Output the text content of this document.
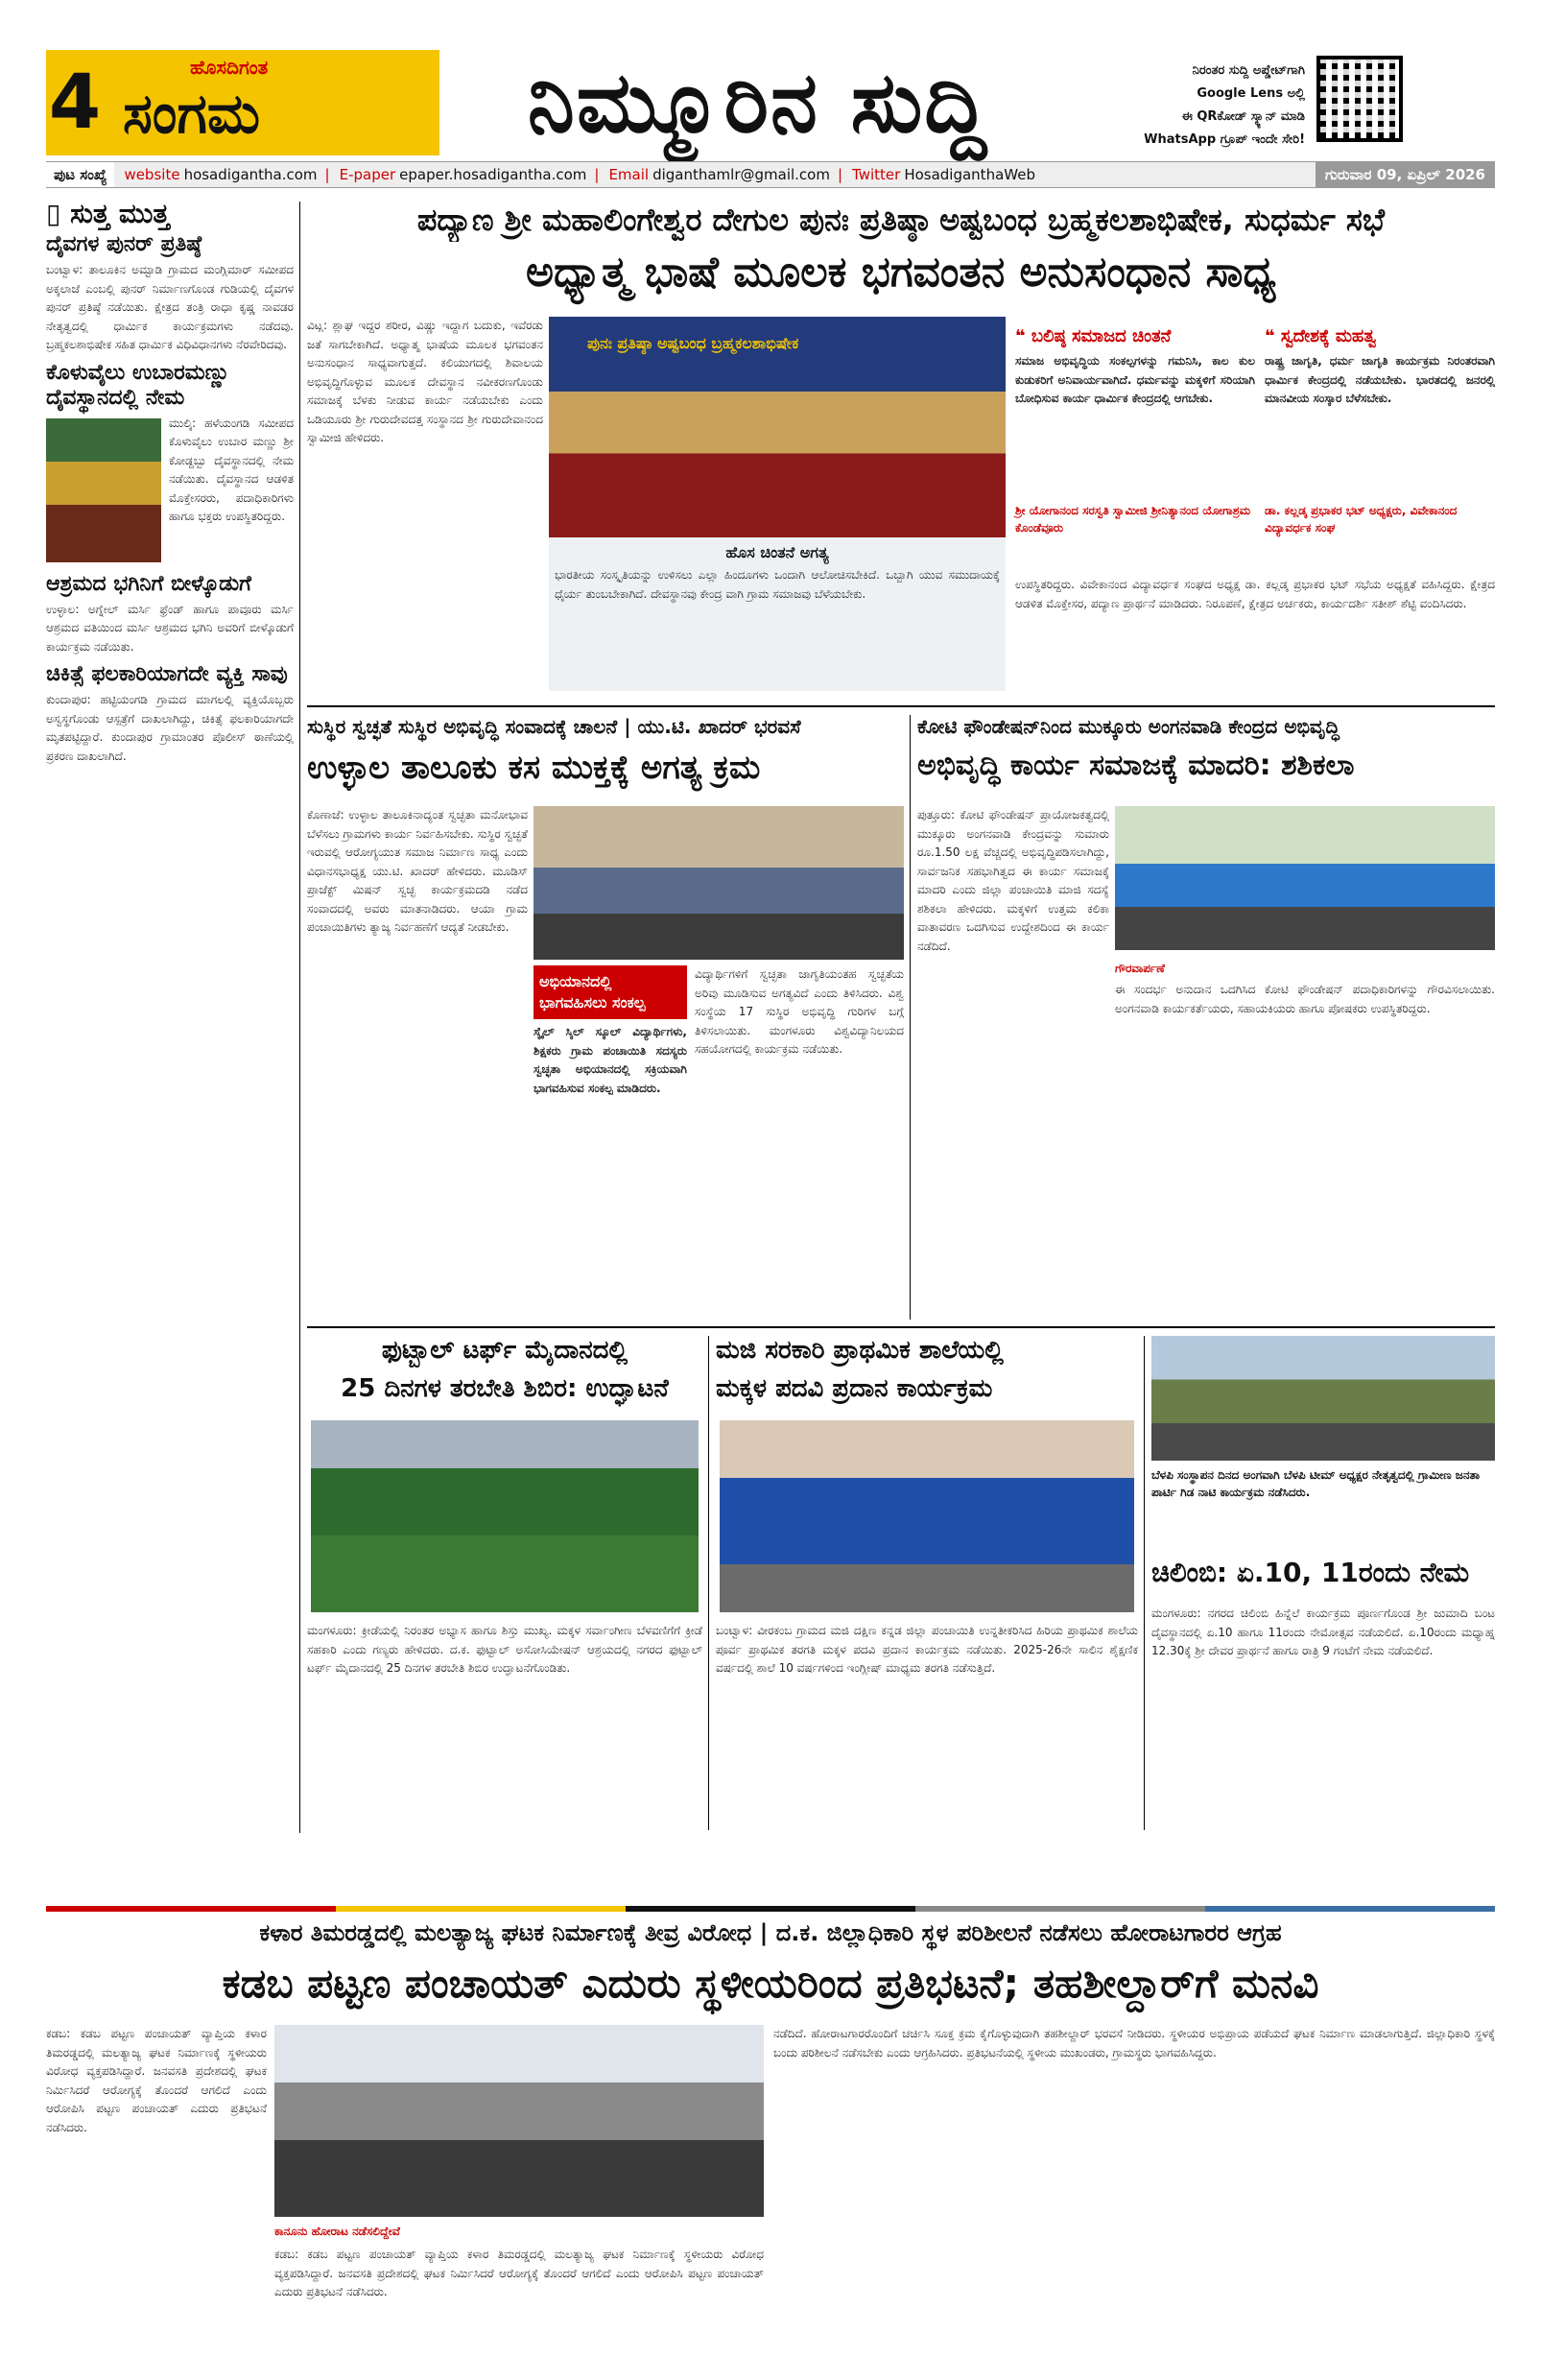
4	ಹೊಸದಿಗಂತ
ಸಂಗಮ	ನಿಮ್ಮೂರಿನ ಸುದ್ದಿ	ನಿರಂತರ ಸುದ್ದಿ ಅಪ್ಡೇಟ್‌ಗಾಗಿ
Google Lens ಅಲ್ಲಿ
ಈ QRಕೋಡ್ ಸ್ಕ್ಯಾನ್ ಮಾಡಿ
WhatsApp ಗ್ರೂಪ್ ಇಂದೇ ಸೇರಿ!
ಪುಟ ಸಂಖ್ಯೆ	website hosadigantha.com | E-paper epaper.hosadigantha.com | Email diganthamlr@gmail.com | Twitter HosadiganthaWeb	ಗುರುವಾರ 09, ಏಪ್ರಿಲ್ 2026
▯ ಸುತ್ತ ಮುತ್ತ
ದೈವಗಳ ಪುನರ್ ಪ್ರತಿಷ್ಠೆ
ಬಂಟ್ವಾಳ: ತಾಲೂಕಿನ ಅಮ್ಟಾಡಿ ಗ್ರಾಮದ ಮಂಗ್ಲಿಮಾರ್ ಸಮೀಪದ ಅಕ್ಕಲಾಜೆ ಎಂಬಲ್ಲಿ ಪುನರ್ ನಿರ್ಮಾಣಗೊಂಡ ಗುಡಿಯಲ್ಲಿ ದೈವಗಳ ಪುನರ್ ಪ್ರತಿಷ್ಠೆ ನಡೆಯಿತು. ಕ್ಷೇತ್ರದ ತಂತ್ರಿ ರಾಧಾ ಕೃಷ್ಣ ನಾವಡರ ನೇತೃತ್ವದಲ್ಲಿ ಧಾರ್ಮಿಕ ಕಾರ್ಯಕ್ರಮಗಳು ನಡೆದವು. ಬ್ರಹ್ಮಕಲಶಾಭಿಷೇಕ ಸಹಿತ ಧಾರ್ಮಿಕ ವಿಧಿವಿಧಾನಗಳು ನೆರವೇರಿದವು.
ಕೊಳುವೈಲು ಉಬಾರಮಣ್ಣು ದೈವಸ್ಥಾನದಲ್ಲಿ ನೇಮ
ಮುಲ್ಕಿ: ಹಳೆಯಂಗಡಿ ಸಮೀಪದ ಕೊಳುವೈಲು ಉಬಾರ ಮಣ್ಣು ಶ್ರೀ ಕೋಡ್ದಬ್ಬು ದೈವಸ್ಥಾನದಲ್ಲಿ ನೇಮ ನಡೆಯಿತು. ದೈವಸ್ಥಾನದ ಆಡಳಿತ ಮೊಕ್ತೇಸರರು, ಪದಾಧಿಕಾರಿಗಳು ಹಾಗೂ ಭಕ್ತರು ಉಪಸ್ಥಿತರಿದ್ದರು.
ಆಶ್ರಮದ ಭಗಿನಿಗೆ ಬೀಳ್ಕೊಡುಗೆ
ಉಳ್ಳಾಲ: ಅಗ್ನೇಲ್ ಮರ್ಸಿ ಫ್ರೆಂಡ್ ಹಾಗೂ ಪಾವೂರು ಮರ್ಸಿ ಆಶ್ರಮದ ವತಿಯಿಂದ ಮರ್ಸಿ ಆಶ್ರಮದ ಭಗಿನಿ ಅವರಿಗೆ ಬೀಳ್ಕೊಡುಗೆ ಕಾರ್ಯಕ್ರಮ ನಡೆಯಿತು.
ಚಿಕಿತ್ಸೆ ಫಲಕಾರಿಯಾಗದೇ ವ್ಯಕ್ತಿ ಸಾವು
ಕುಂದಾಪುರ: ಹಟ್ಟಿಯಂಗಡಿ ಗ್ರಾಮದ ಮಾಗಲಲ್ಲಿ ವ್ಯಕ್ತಿಯೊಬ್ಬರು ಅಸ್ವಸ್ಥಗೊಂಡು ಆಸ್ಪತ್ರೆಗೆ ದಾಖಲಾಗಿದ್ದು, ಚಿಕಿತ್ಸೆ ಫಲಕಾರಿಯಾಗದೇ ಮೃತಪಟ್ಟಿದ್ದಾರೆ. ಕುಂದಾಪುರ ಗ್ರಾಮಾಂತರ ಪೊಲೀಸ್ ಠಾಣೆಯಲ್ಲಿ ಪ್ರಕರಣ ದಾಖಲಾಗಿದೆ.
ಪದ್ಯಾಣ ಶ್ರೀ ಮಹಾಲಿಂಗೇಶ್ವರ ದೇಗುಲ ಪುನಃ ಪ್ರತಿಷ್ಠಾ ಅಷ್ಟಬಂಧ ಬ್ರಹ್ಮಕಲಶಾಭಿಷೇಕ, ಸುಧರ್ಮ ಸಭೆ
ಅಧ್ಯಾತ್ಮ ಭಾಷೆ ಮೂಲಕ ಭಗವಂತನ ಅನುಸಂಧಾನ ಸಾಧ್ಯ
ವಿಟ್ಲ: ಶ್ಲಾಘ ಇದ್ದರ ಶರೀರ, ವಿಷ್ಣು ಇದ್ದಾಗ ಬದುಕು, ಇವೆರಡು ಜತೆ ಸಾಗಬೇಕಾಗಿದೆ. ಅಧ್ಯಾತ್ಮ ಭಾಷೆಯ ಮೂಲಕ ಭಗವಂತನ ಅನುಸಂಧಾನ ಸಾಧ್ಯವಾಗುತ್ತದೆ. ಕಲಿಯುಗದಲ್ಲಿ ಶಿವಾಲಯ ಅಭಿವೃದ್ಧಿಗೊಳ್ಳುವ ಮೂಲಕ ದೇವಸ್ಥಾನ ನವೀಕರಣಗೊಂಡು ಸಮಾಜಕ್ಕೆ ಬೆಳಕು ನೀಡುವ ಕಾರ್ಯ ನಡೆಯಬೇಕು ಎಂದು ಒಡಿಯೂರು ಶ್ರೀ ಗುರುದೇವದತ್ತ ಸಂಸ್ಥಾನದ ಶ್ರೀ ಗುರುದೇವಾನಂದ ಸ್ವಾಮೀಜಿ ಹೇಳಿದರು.
ಪುನಃ ಪ್ರತಿಷ್ಠಾ ಅಷ್ಟಬಂಧ ಬ್ರಹ್ಮಕಲಶಾಭಿಷೇಕ
ಹೊಸ ಚಿಂತನೆ ಅಗತ್ಯ
ಭಾರತೀಯ ಸಂಸ್ಕೃತಿಯನ್ನು ಉಳಿಸಲು ಎಲ್ಲಾ ಹಿಂದೂಗಳು ಒಂದಾಗಿ ಆಲೋಚಿಸಬೇಕಿದೆ. ಒಬ್ಬಾಗಿ ಯುವ ಸಮುದಾಯಕ್ಕೆ ಧೈರ್ಯ ತುಂಬಬೇಕಾಗಿದೆ. ದೇವಸ್ಥಾನವು ಕೇಂದ್ರ ವಾಗಿ ಗ್ರಾಮ ಸಮಾಜವು ಬೆಳೆಯಬೇಕು.
❝ ಬಲಿಷ್ಠ ಸಮಾಜದ ಚಿಂತನೆ
ಸಮಾಜ ಅಭಿವೃದ್ಧಿಯ ಸಂಕಲ್ಪಗಳನ್ನು ಗಮನಿಸಿ, ಕಾಲ ಕುಲ ಕುಡುಕರಿಗೆ ಅನಿವಾರ್ಯವಾಗಿದೆ. ಧರ್ಮವನ್ನು ಮಕ್ಕಳಿಗೆ ಸರಿಯಾಗಿ ಬೋಧಿಸುವ ಕಾರ್ಯ ಧಾರ್ಮಿಕ ಕೇಂದ್ರದಲ್ಲಿ ಆಗಬೇಕು.
ಶ್ರೀ ಯೋಗಾನಂದ ಸರಸ್ವತಿ ಸ್ವಾಮೀಜಿ ಶ್ರೀನಿತ್ಯಾನಂದ ಯೋಗಾಶ್ರಮ ಕೊಂಡೆವೂರು
❝ ಸ್ವದೇಶಕ್ಕೆ ಮಹತ್ವ
ರಾಷ್ಟ್ರ ಜಾಗೃತಿ, ಧರ್ಮ ಜಾಗೃತಿ ಕಾರ್ಯಕ್ರಮ ನಿರಂತರವಾಗಿ ಧಾರ್ಮಿಕ ಕೇಂದ್ರದಲ್ಲಿ ನಡೆಯಬೇಕು. ಭಾರತದಲ್ಲಿ ಜನರಲ್ಲಿ ಮಾನವೀಯ ಸಂಸ್ಕಾರ ಬೆಳೆಸಬೇಕು.
ಡಾ. ಕಲ್ಲಡ್ಕ ಪ್ರಭಾಕರ ಭಟ್ ಅಧ್ಯಕ್ಷರು, ವಿವೇಕಾನಂದ ವಿದ್ಯಾವರ್ಧಕ ಸಂಘ
ಉಪಸ್ಥಿತರಿದ್ದರು. ವಿವೇಕಾನಂದ ವಿದ್ಯಾವರ್ಧಕ ಸಂಘದ ಅಧ್ಯಕ್ಷ ಡಾ. ಕಲ್ಲಡ್ಕ ಪ್ರಭಾಕರ ಭಟ್ ಸಭೆಯ ಅಧ್ಯಕ್ಷತೆ ವಹಿಸಿದ್ದರು. ಕ್ಷೇತ್ರದ ಆಡಳಿತ ಮೊಕ್ತೇಸರ, ಪದ್ಯಾಣ ಪ್ರಾರ್ಥನೆ ಮಾಡಿದರು. ನಿರೂಪಣೆ, ಕ್ಷೇತ್ರದ ಅರ್ಚಕರು, ಕಾರ್ಯದರ್ಶಿ ಸತೀಶ್ ಶೆಟ್ಟಿ ವಂದಿಸಿದರು.
ಸುಸ್ಥಿರ ಸ್ವಚ್ಛತೆ ಸುಸ್ಥಿರ ಅಭಿವೃದ್ಧಿ ಸಂವಾದಕ್ಕೆ ಚಾಲನೆ | ಯು.ಟಿ. ಖಾದರ್ ಭರವಸೆ
ಉಳ್ಳಾಲ ತಾಲೂಕು ಕಸ ಮುಕ್ತಕ್ಕೆ ಅಗತ್ಯ ಕ್ರಮ
ಕೊಣಾಜೆ: ಉಳ್ಳಾಲ ತಾಲೂಕಿನಾದ್ಯಂತ ಸ್ವಚ್ಛತಾ ಮನೋಭಾವ ಬೆಳೆಸಲು ಗ್ರಾಮಗಳು ಕಾರ್ಯ ನಿರ್ವಹಿಸಬೇಕು. ಸುಸ್ಥಿರ ಸ್ವಚ್ಛತೆ ಇರುವಲ್ಲಿ ಆರೋಗ್ಯಯುತ ಸಮಾಜ ನಿರ್ಮಾಣ ಸಾಧ್ಯ ಎಂದು ವಿಧಾನಸಭಾಧ್ಯಕ್ಷ ಯು.ಟಿ. ಖಾದರ್ ಹೇಳಿದರು. ಮೂಡಿಸ್ ಪ್ರಾಜೆಕ್ಟ್ ಮಿಷನ್ ಸ್ವಚ್ಛ ಕಾರ್ಯಕ್ರಮದಡಿ ನಡೆದ ಸಂವಾದದಲ್ಲಿ ಅವರು ಮಾತನಾಡಿದರು. ಆಯಾ ಗ್ರಾಮ ಪಂಚಾಯಿತಿಗಳು ತ್ಯಾಜ್ಯ ನಿರ್ವಹಣೆಗೆ ಆದ್ಯತೆ ನೀಡಬೇಕು.
ಅಭಿಯಾನದಲ್ಲಿ ಭಾಗವಹಿಸಲು ಸಂಕಲ್ಪ
ಸ್ಕೈಲ್ ಸ್ಕಿಲ್ ಸ್ಕೂಲ್ ವಿದ್ಯಾರ್ಥಿಗಳು, ಶಿಕ್ಷಕರು ಗ್ರಾಮ ಪಂಚಾಯಿತಿ ಸದಸ್ಯರು ಸ್ವಚ್ಛತಾ ಅಭಿಯಾನದಲ್ಲಿ ಸಕ್ರಿಯವಾಗಿ ಭಾಗವಹಿಸುವ ಸಂಕಲ್ಪ ಮಾಡಿದರು.
ವಿದ್ಯಾರ್ಥಿಗಳಿಗೆ ಸ್ವಚ್ಛತಾ ಜಾಗೃತಿಯಂತಹ ಸ್ವಚ್ಛತೆಯ ಅರಿವು ಮೂಡಿಸುವ ಅಗತ್ಯವಿದೆ ಎಂದು ತಿಳಿಸಿದರು. ವಿಶ್ವ ಸಂಸ್ಥೆಯ 17 ಸುಸ್ಥಿರ ಅಭಿವೃದ್ಧಿ ಗುರಿಗಳ ಬಗ್ಗೆ ತಿಳಿಸಲಾಯಿತು. ಮಂಗಳೂರು ವಿಶ್ವವಿದ್ಯಾನಿಲಯದ ಸಹಯೋಗದಲ್ಲಿ ಕಾರ್ಯಕ್ರಮ ನಡೆಯಿತು.
ಕೋಟಿ ಫೌಂಡೇಷನ್‌ನಿಂದ ಮುಕ್ಕೂರು ಅಂಗನವಾಡಿ ಕೇಂದ್ರದ ಅಭಿವೃದ್ಧಿ
ಅಭಿವೃದ್ಧಿ ಕಾರ್ಯ ಸಮಾಜಕ್ಕೆ ಮಾದರಿ: ಶಶಿಕಲಾ
ಪುತ್ತೂರು: ಕೋಟಿ ಫೌಂಡೇಷನ್ ಪ್ರಾಯೋಜಕತ್ವದಲ್ಲಿ ಮುಕ್ಕೂರು ಅಂಗನವಾಡಿ ಕೇಂದ್ರವನ್ನು ಸುಮಾರು ರೂ.1.50 ಲಕ್ಷ ವೆಚ್ಚದಲ್ಲಿ ಅಭಿವೃದ್ಧಿಪಡಿಸಲಾಗಿದ್ದು, ಸಾರ್ವಜನಿಕ ಸಹಭಾಗಿತ್ವದ ಈ ಕಾರ್ಯ ಸಮಾಜಕ್ಕೆ ಮಾದರಿ ಎಂದು ಜಿಲ್ಲಾ ಪಂಚಾಯಿತಿ ಮಾಜಿ ಸದಸ್ಯೆ ಶಶಿಕಲಾ ಹೇಳಿದರು. ಮಕ್ಕಳಿಗೆ ಉತ್ತಮ ಕಲಿಕಾ ವಾತಾವರಣ ಒದಗಿಸುವ ಉದ್ದೇಶದಿಂದ ಈ ಕಾರ್ಯ ನಡೆದಿದೆ.
ಗೌರವಾರ್ಪಣೆ
ಈ ಸಂದರ್ಭ ಅನುದಾನ ಒದಗಿಸಿದ ಕೋಟಿ ಫೌಂಡೇಷನ್ ಪದಾಧಿಕಾರಿಗಳನ್ನು ಗೌರವಿಸಲಾಯಿತು. ಅಂಗನವಾಡಿ ಕಾರ್ಯಕರ್ತೆಯರು, ಸಹಾಯಕಿಯರು ಹಾಗೂ ಪೋಷಕರು ಉಪಸ್ಥಿತರಿದ್ದರು.
ಫುಟ್ಬಾಲ್ ಟರ್ಫ್ ಮೈದಾನದಲ್ಲಿ
25 ದಿನಗಳ ತರಬೇತಿ ಶಿಬಿರ: ಉದ್ಘಾಟನೆ
ಮಂಗಳೂರು: ಕ್ರೀಡೆಯಲ್ಲಿ ನಿರಂತರ ಅಭ್ಯಾಸ ಹಾಗೂ ಶಿಸ್ತು ಮುಖ್ಯ. ಮಕ್ಕಳ ಸರ್ವಾಂಗೀಣ ಬೆಳವಣಿಗೆಗೆ ಕ್ರೀಡೆ ಸಹಕಾರಿ ಎಂದು ಗಣ್ಯರು ಹೇಳಿದರು. ದ.ಕ. ಫುಟ್ಬಾಲ್ ಅಸೋಸಿಯೇಷನ್ ಆಶ್ರಯದಲ್ಲಿ ನಗರದ ಫುಟ್ಬಾಲ್ ಟರ್ಫ್ ಮೈದಾನದಲ್ಲಿ 25 ದಿನಗಳ ತರಬೇತಿ ಶಿಬಿರ ಉದ್ಘಾಟನೆಗೊಂಡಿತು.
ಮಜಿ ಸರಕಾರಿ ಪ್ರಾಥಮಿಕ ಶಾಲೆಯಲ್ಲಿ
ಮಕ್ಕಳ ಪದವಿ ಪ್ರದಾನ ಕಾರ್ಯಕ್ರಮ
ಬಂಟ್ವಾಳ: ವೀರಕಂಬ ಗ್ರಾಮದ ಮಜಿ ದಕ್ಷಿಣ ಕನ್ನಡ ಜಿಲ್ಲಾ ಪಂಚಾಯಿತಿ ಉನ್ನತೀಕರಿಸಿದ ಹಿರಿಯ ಪ್ರಾಥಮಿಕ ಶಾಲೆಯ ಪೂರ್ವ ಪ್ರಾಥಮಿಕ ತರಗತಿ ಮಕ್ಕಳ ಪದವಿ ಪ್ರದಾನ ಕಾರ್ಯಕ್ರಮ ನಡೆಯಿತು. 2025-26ನೇ ಸಾಲಿನ ಶೈಕ್ಷಣಿಕ ವರ್ಷದಲ್ಲಿ ಶಾಲೆ 10 ವರ್ಷಗಳಿಂದ ಇಂಗ್ಲೀಷ್ ಮಾಧ್ಯಮ ತರಗತಿ ನಡೆಸುತ್ತಿದೆ.
ಬೆಳಪಿ ಸಂಸ್ಥಾಪನ ದಿನದ ಅಂಗವಾಗಿ ಬೆಳಪಿ ಟೀಮ್ ಅಧ್ಯಕ್ಷರ ನೇತೃತ್ವದಲ್ಲಿ ಗ್ರಾಮೀಣ ಜನತಾ ಪಾರ್ಟಿ ಗಿಡ ನಾಟಿ ಕಾರ್ಯಕ್ರಮ ನಡೆಸಿದರು.
ಚಿಲಿಂಬಿ: ಏ.10, 11ರಂದು ನೇಮ
ಮಂಗಳೂರು: ನಗರದ ಚಿಲಿಂಬಿ ಹಿನ್ನೆಲೆ ಕಾರ್ಯಕ್ರಮ ಪೂರ್ಣಗೊಂಡ ಶ್ರೀ ಜುಮಾದಿ ಬಂಟ ದೈವಸ್ಥಾನದಲ್ಲಿ ಏ.10 ಹಾಗೂ 11ರಂದು ನೇಮೋತ್ಸವ ನಡೆಯಲಿದೆ. ಏ.10ರಂದು ಮಧ್ಯಾಹ್ನ 12.30ಕ್ಕೆ ಶ್ರೀ ದೇವರ ಪ್ರಾರ್ಥನೆ ಹಾಗೂ ರಾತ್ರಿ 9 ಗಂಟೆಗೆ ನೇಮ ನಡೆಯಲಿದೆ.
ಕಳಾರ ತಿಮರಡ್ಡದಲ್ಲಿ ಮಲತ್ಯಾಜ್ಯ ಘಟಕ ನಿರ್ಮಾಣಕ್ಕೆ ತೀವ್ರ ವಿರೋಧ | ದ.ಕ. ಜಿಲ್ಲಾಧಿಕಾರಿ ಸ್ಥಳ ಪರಿಶೀಲನೆ ನಡೆಸಲು ಹೋರಾಟಗಾರರ ಆಗ್ರಹ
ಕಡಬ ಪಟ್ಟಣ ಪಂಚಾಯತ್ ಎದುರು ಸ್ಥಳೀಯರಿಂದ ಪ್ರತಿಭಟನೆ; ತಹಶೀಲ್ದಾರ್‌ಗೆ ಮನವಿ
ಕಡಬ: ಕಡಬ ಪಟ್ಟಣ ಪಂಚಾಯತ್ ವ್ಯಾಪ್ತಿಯ ಕಳಾರ ತಿಮರಡ್ಡದಲ್ಲಿ ಮಲತ್ಯಾಜ್ಯ ಘಟಕ ನಿರ್ಮಾಣಕ್ಕೆ ಸ್ಥಳೀಯರು ವಿರೋಧ ವ್ಯಕ್ತಪಡಿಸಿದ್ದಾರೆ. ಜನವಸತಿ ಪ್ರದೇಶದಲ್ಲಿ ಘಟಕ ನಿರ್ಮಿಸಿದರೆ ಆರೋಗ್ಯಕ್ಕೆ ತೊಂದರೆ ಆಗಲಿದೆ ಎಂದು ಆರೋಪಿಸಿ ಪಟ್ಟಣ ಪಂಚಾಯತ್ ಎದುರು ಪ್ರತಿಭಟನೆ ನಡೆಸಿದರು.
ಕಾನೂನು ಹೋರಾಟ ನಡೆಸಲಿದ್ದೇವೆ
ಕಡಬ: ಕಡಬ ಪಟ್ಟಣ ಪಂಚಾಯತ್ ವ್ಯಾಪ್ತಿಯ ಕಳಾರ ತಿಮರಡ್ಡದಲ್ಲಿ ಮಲತ್ಯಾಜ್ಯ ಘಟಕ ನಿರ್ಮಾಣಕ್ಕೆ ಸ್ಥಳೀಯರು ವಿರೋಧ ವ್ಯಕ್ತಪಡಿಸಿದ್ದಾರೆ. ಜನವಸತಿ ಪ್ರದೇಶದಲ್ಲಿ ಘಟಕ ನಿರ್ಮಿಸಿದರೆ ಆರೋಗ್ಯಕ್ಕೆ ತೊಂದರೆ ಆಗಲಿದೆ ಎಂದು ಆರೋಪಿಸಿ ಪಟ್ಟಣ ಪಂಚಾಯತ್ ಎದುರು ಪ್ರತಿಭಟನೆ ನಡೆಸಿದರು.
ನಡೆದಿದೆ. ಹೋರಾಟಗಾರರೊಂದಿಗೆ ಚರ್ಚಿಸಿ ಸೂಕ್ತ ಕ್ರಮ ಕೈಗೊಳ್ಳುವುದಾಗಿ ತಹಶೀಲ್ದಾರ್ ಭರವಸೆ ನೀಡಿದರು. ಸ್ಥಳೀಯರ ಅಭಿಪ್ರಾಯ ಪಡೆಯದೆ ಘಟಕ ನಿರ್ಮಾಣ ಮಾಡಲಾಗುತ್ತಿದೆ. ಜಿಲ್ಲಾಧಿಕಾರಿ ಸ್ಥಳಕ್ಕೆ ಬಂದು ಪರಿಶೀಲನೆ ನಡೆಸಬೇಕು ಎಂದು ಆಗ್ರಹಿಸಿದರು. ಪ್ರತಿಭಟನೆಯಲ್ಲಿ ಸ್ಥಳೀಯ ಮುಖಂಡರು, ಗ್ರಾಮಸ್ಥರು ಭಾಗವಹಿಸಿದ್ದರು.
